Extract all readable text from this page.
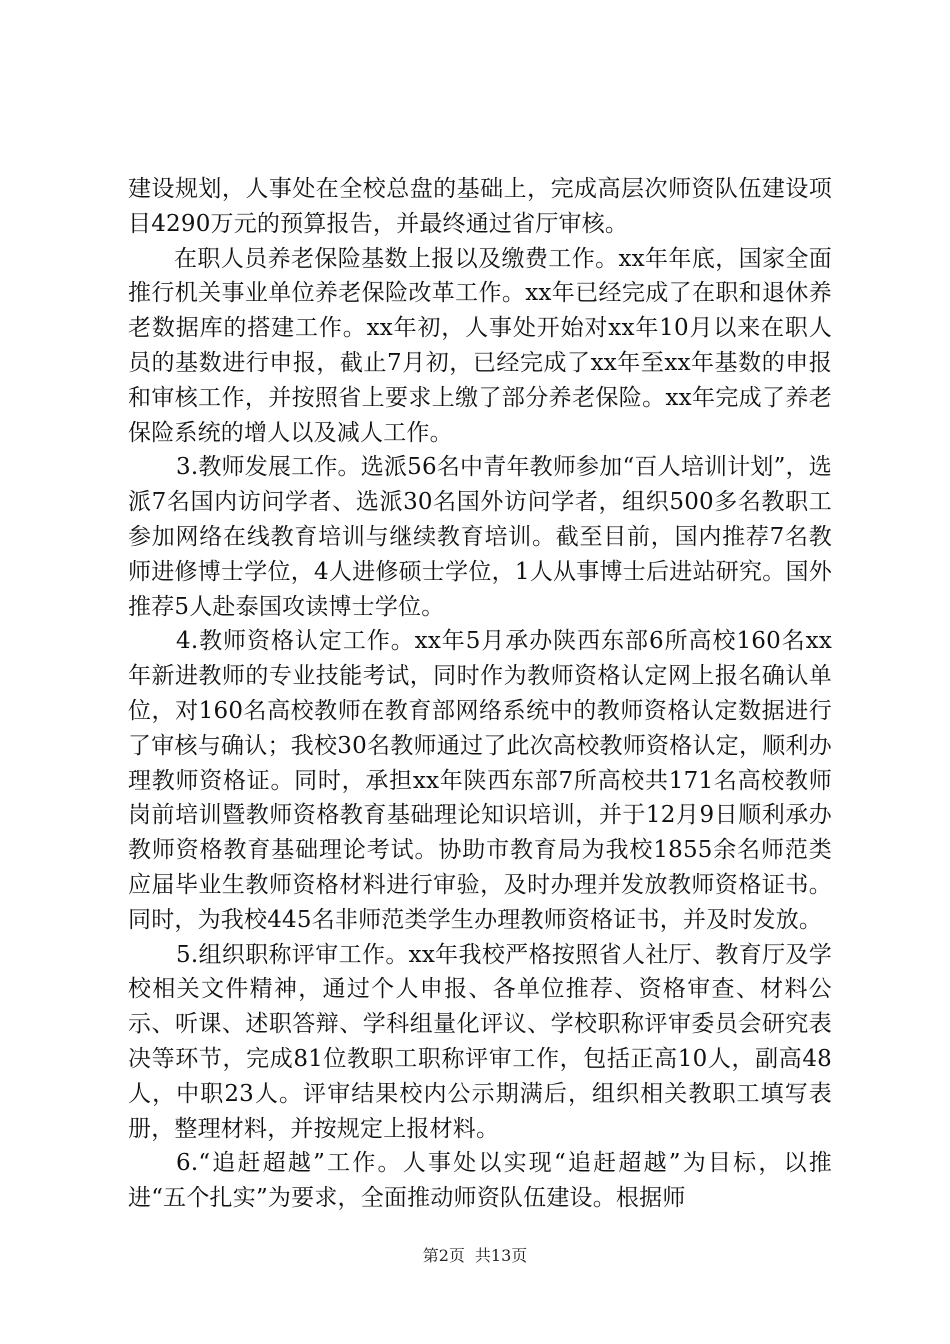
建设规划，人事处在全校总盘的基础上，完成高层次师资队伍建设项目4290万元的预算报告，并最终通过省厅审核。

在职人员养老保险基数上报以及缴费工作。xx年年底，国家全面推行机关事业单位养老保险改革工作。xx年已经完成了在职和退休养老数据库的搭建工作。xx年初，人事处开始对xx年10月以来在职人员的基数进行申报，截止7月初，已经完成了xx年至xx年基数的申报和审核工作，并按照省上要求上缴了部分养老保险。xx年完成了养老保险系统的增人以及减人工作。

3.教师发展工作。选派56名中青年教师参加“百人培训计划”，选派7名国内访问学者、选派30名国外访问学者，组织500多名教职工参加网络在线教育培训与继续教育培训。截至目前，国内推荐7名教师进修博士学位，4人进修硕士学位，1人从事博士后进站研究。国外推荐5人赴泰国攻读博士学位。

4.教师资格认定工作。xx年5月承办陕西东部6所高校160名xx年新进教师的专业技能考试，同时作为教师资格认定网上报名确认单位，对160名高校教师在教育部网络系统中的教师资格认定数据进行了审核与确认；我校30名教师通过了此次高校教师资格认定，顺利办理教师资格证。同时，承担xx年陕西东部7所高校共171名高校教师岗前培训暨教师资格教育基础理论知识培训，并于12月9日顺利承办教师资格教育基础理论考试。协助市教育局为我校1855余名师范类应届毕业生教师资格材料进行审验，及时办理并发放教师资格证书。同时，为我校445名非师范类学生办理教师资格证书，并及时发放。

5.组织职称评审工作。xx年我校严格按照省人社厅、教育厅及学校相关文件精神，通过个人申报、各单位推荐、资格审查、材料公示、听课、述职答辩、学科组量化评议、学校职称评审委员会研究表决等环节，完成81位教职工职称评审工作，包括正高10人，副高48人，中职23人。评审结果校内公示期满后，组织相关教职工填写表册，整理材料，并按规定上报材料。

6.“追赶超越”工作。人事处以实现“追赶超越”为目标，以推进“五个扎实”为要求，全面推动师资队伍建设。根据师

第2页 共13页
